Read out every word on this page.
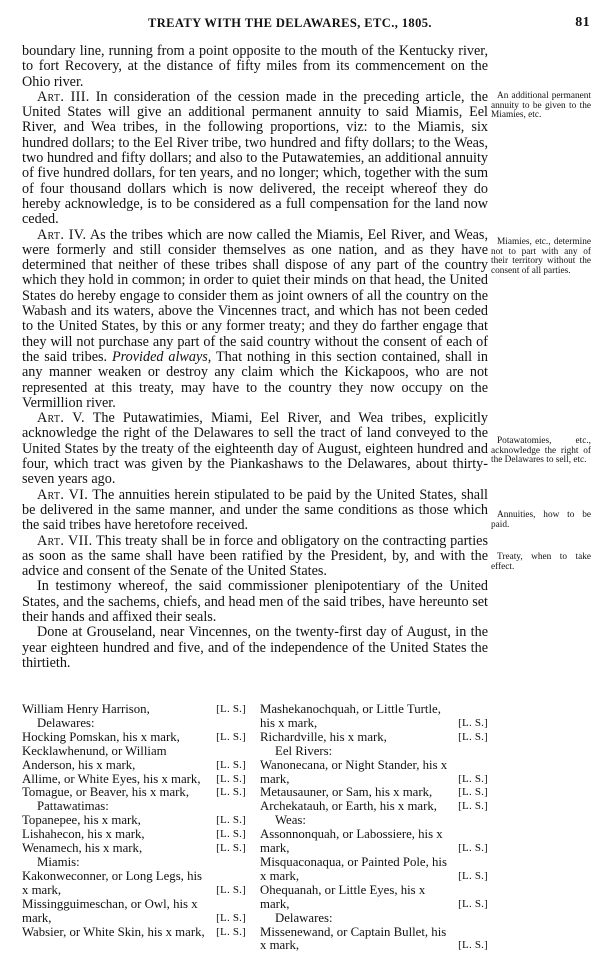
TREATY WITH THE DELAWARES, ETC., 1805.	81

boundary line, running from a point opposite to the mouth of the Kentucky river, to fort Recovery, at the distance of fifty miles from its commencement on the Ohio river.

Art. III. In consideration of the cession made in the preceding article, the United States will give an additional permanent annuity to said Miamis, Eel River, and Wea tribes, in the following proportions, viz: to the Miamis, six hundred dollars; to the Eel River tribe, two hundred and fifty dollars; to the Weas, two hundred and fifty dollars; and also to the Putawatemies, an additional annuity of five hundred dollars, for ten years, and no longer; which, together with the sum of four thousand dollars which is now delivered, the receipt whereof they do hereby acknowledge, is to be considered as a full compensation for the land now ceded.

Art. IV. As the tribes which are now called the Miamis, Eel River, and Weas, were formerly and still consider themselves as one nation, and as they have determined that neither of these tribes shall dispose of any part of the country which they hold in common; in order to quiet their minds on that head, the United States do hereby engage to consider them as joint owners of all the country on the Wabash and its waters, above the Vincennes tract, and which has not been ceded to the United States, by this or any former treaty; and they do farther engage that they will not purchase any part of the said country without the consent of each of the said tribes. Provided always, That nothing in this section contained, shall in any manner weaken or destroy any claim which the Kickapoos, who are not represented at this treaty, may have to the country they now occupy on the Vermillion river.

Art. V. The Putawatimies, Miami, Eel River, and Wea tribes, explicitly acknowledge the right of the Delawares to sell the tract of land conveyed to the United States by the treaty of the eighteenth day of August, eighteen hundred and four, which tract was given by the Piankashaws to the Delawares, about thirty-seven years ago.

Art. VI. The annuities herein stipulated to be paid by the United States, shall be delivered in the same manner, and under the same conditions as those which the said tribes have heretofore received.

Art. VII. This treaty shall be in force and obligatory on the contracting parties as soon as the same shall have been ratified by the President, by, and with the advice and consent of the Senate of the United States.

In testimony whereof, the said commissioner plenipotentiary of the United States, and the sachems, chiefs, and head men of the said tribes, have hereunto set their hands and affixed their seals.

Done at Grouseland, near Vincennes, on the twenty-first day of August, in the year eighteen hundred and five, and of the independence of the United States the thirtieth.

An additional permanent annuity to be given to the Miamies, etc.
Miamies, etc., determine not to part with any of their territory without the consent of all parties.
Potawatomies, etc., acknowledge the right of the Delawares to sell, etc.
Annuities, how to be paid.
Treaty, when to take effect.
William Henry Harrison,	[L. S.]
Delawares:
Hocking Pomskan, his x mark,	[L. S.]
Kecklawhenund, or William Anderson, his x mark,	[L. S.]
Allime, or White Eyes, his x mark,	[L. S.]
Tomague, or Beaver, his x mark,	[L. S.]
Pattawatimas:
Topanepee, his x mark,	[L. S.]
Lishahecon, his x mark,	[L. S.]
Wenamech, his x mark,	[L. S.]
Miamis:
Kakonweconner, or Long Legs, his x mark,	[L. S.]
Missingguimeschan, or Owl, his x mark,	[L. S.]
Wabsier, or White Skin, his x mark,	[L. S.]
Mashekanochquah, or Little Turtle, his x mark,	[L. S.]
Richardville, his x mark,	[L. S.]
Eel Rivers:
Wanonecana, or Night Stander, his x mark,	[L. S.]
Metausauner, or Sam, his x mark,	[L. S.]
Archekatauh, or Earth, his x mark,	[L. S.]
Weas:
Assonnonquah, or Labossiere, his x mark,	[L. S.]
Misquaconaqua, or Painted Pole, his x mark,	[L. S.]
Ohequanah, or Little Eyes, his x mark,	[L. S.]
Delawares:
Missenewand, or Captain Bullet, his x mark,	[L. S.]
